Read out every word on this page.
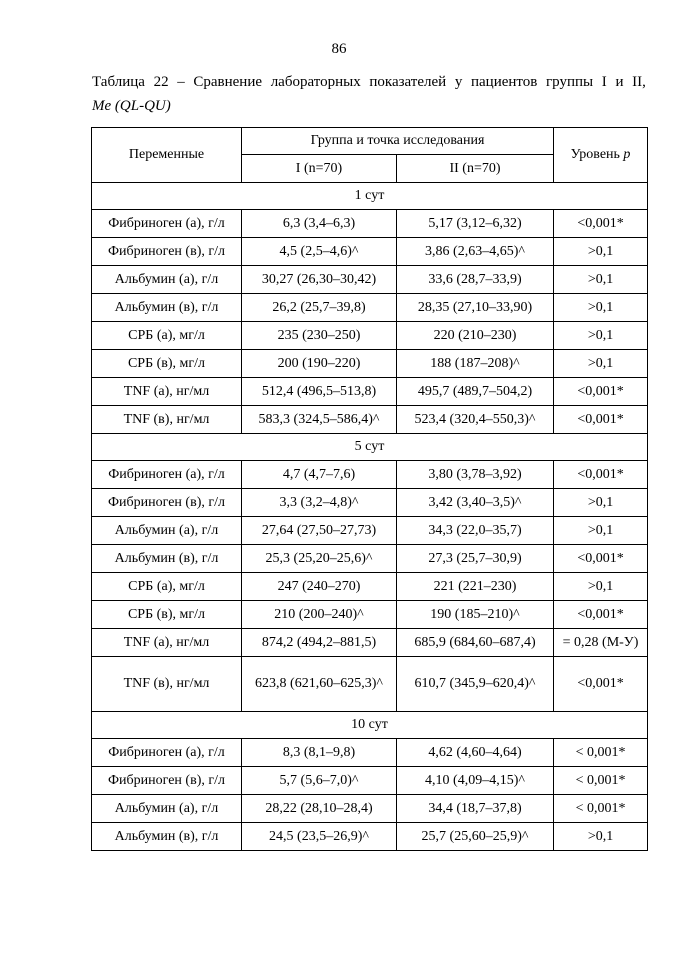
86
Таблица 22 – Сравнение лабораторных показателей у пациентов группы I и II,
Me (QL-QU)
Переменные	Группа и точка исследования		Уровень p
	I (n=70)	II (n=70)	
1 сут			
Фибриноген (а), г/л	6,3 (3,4–6,3)	5,17 (3,12–6,32)	<0,001*
Фибриноген (в), г/л	4,5 (2,5–4,6)^	3,86 (2,63–4,65)^	>0,1
Альбумин (а), г/л	30,27 (26,30–30,42)	33,6 (28,7–33,9)	>0,1
Альбумин (в), г/л	26,2 (25,7–39,8)	28,35 (27,10–33,90)	>0,1
СРБ (а), мг/л	235 (230–250)	220 (210–230)	>0,1
СРБ (в), мг/л	200 (190–220)	188 (187–208)^	>0,1
TNF (а), нг/мл	512,4 (496,5–513,8)	495,7 (489,7–504,2)	<0,001*
TNF (в), нг/мл	583,3 (324,5–586,4)^	523,4 (320,4–550,3)^	<0,001*
5 сут			
Фибриноген (а), г/л	4,7 (4,7–7,6)	3,80 (3,78–3,92)	<0,001*
Фибриноген (в), г/л	3,3 (3,2–4,8)^	3,42 (3,40–3,5)^	>0,1
Альбумин (а), г/л	27,64 (27,50–27,73)	34,3 (22,0–35,7)	>0,1
Альбумин (в), г/л	25,3 (25,20–25,6)^	27,3 (25,7–30,9)	<0,001*
СРБ (а), мг/л	247 (240–270)	221 (221–230)	>0,1
СРБ (в), мг/л	210 (200–240)^	190 (185–210)^	<0,001*
TNF (а), нг/мл	874,2 (494,2–881,5)	685,9 (684,60–687,4)	= 0,28 (М-У)
TNF (в), нг/мл	623,8 (621,60–625,3)^	610,7 (345,9–620,4)^	<0,001*
10 сут			
Фибриноген (а), г/л	8,3 (8,1–9,8)	4,62 (4,60–4,64)	< 0,001*
Фибриноген (в), г/л	5,7 (5,6–7,0)^	4,10 (4,09–4,15)^	< 0,001*
Альбумин (а), г/л	28,22 (28,10–28,4)	34,4 (18,7–37,8)	< 0,001*
Альбумин (в), г/л	24,5 (23,5–26,9)^	25,7 (25,60–25,9)^	>0,1
